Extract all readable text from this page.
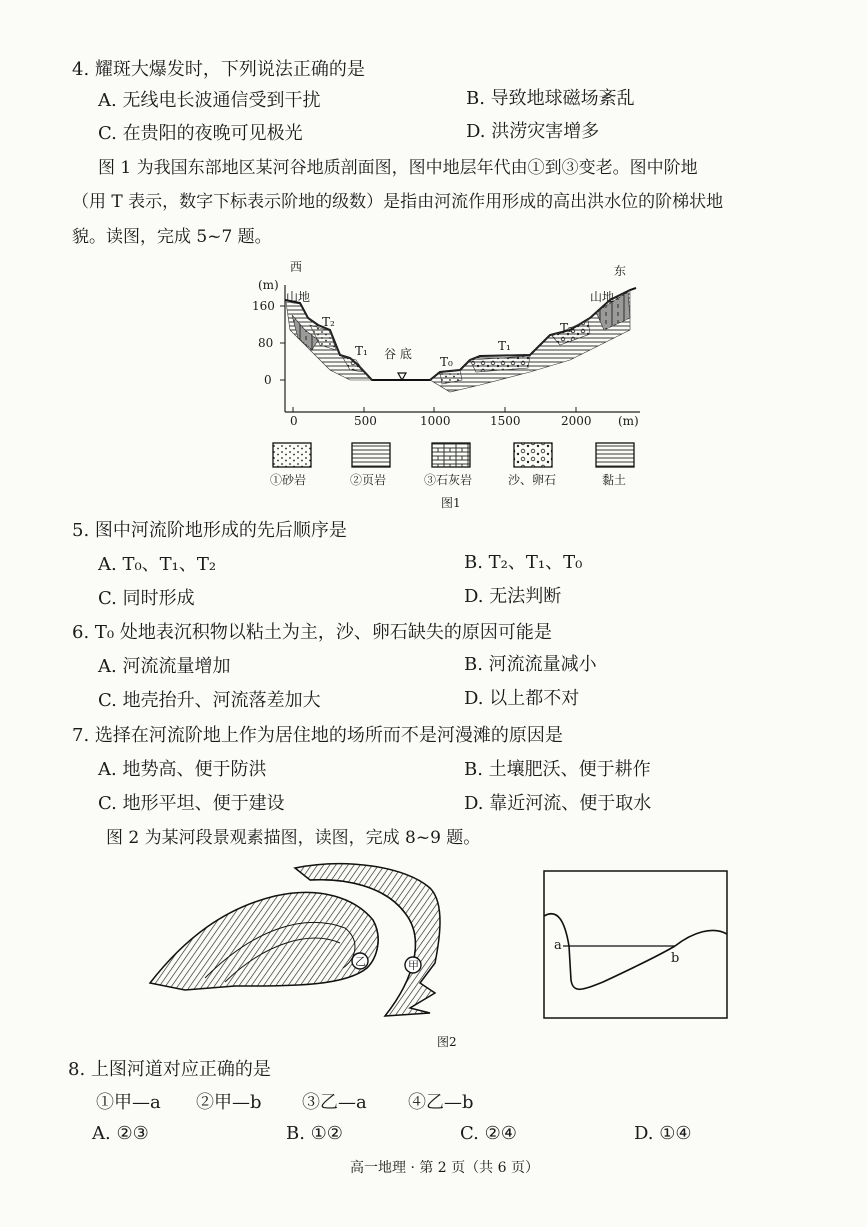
4. 耀斑大爆发时，下列说法正确的是
A. 无线电长波通信受到干扰	B. 导致地球磁场紊乱
C. 在贵阳的夜晚可见极光	D. 洪涝灾害增多
图 1 为我国东部地区某河谷地质剖面图，图中地层年代由①到③变老。图中阶地
（用 T 表示，数字下标表示阶地的级数）是指由河流作用形成的高出洪水位的阶梯状地
貌。读图，完成 5~7 题。
西	东
(m)
山地	山地
160
80
0
T₂
T₁ 谷 底
T₀
T₁
T₂
0	500	1000	1500	2000 (m)
①砂岩	②页岩	③石灰岩	沙、卵石	黏土
图1
5. 图中河流阶地形成的先后顺序是
A. T₀、T₁、T₂	B. T₂、T₁、T₀
C. 同时形成	D. 无法判断
6. T₀ 处地表沉积物以粘土为主，沙、卵石缺失的原因可能是
A. 河流流量增加	B. 河流流量减小
C. 地壳抬升、河流落差加大	D. 以上都不对
7. 选择在河流阶地上作为居住地的场所而不是河漫滩的原因是
A. 地势高、便于防洪	B. 土壤肥沃、便于耕作
C. 地形平坦、便于建设	D. 靠近河流、便于取水
图 2 为某河段景观素描图，读图，完成 8~9 题。
乙	甲
a
b
图2
8. 上图河道对应正确的是
①甲—a ②甲—b ③乙—a ④乙—b
A. ②③	B. ①②	C. ②④	D. ①④
高一地理 · 第 2 页（共 6 页）
